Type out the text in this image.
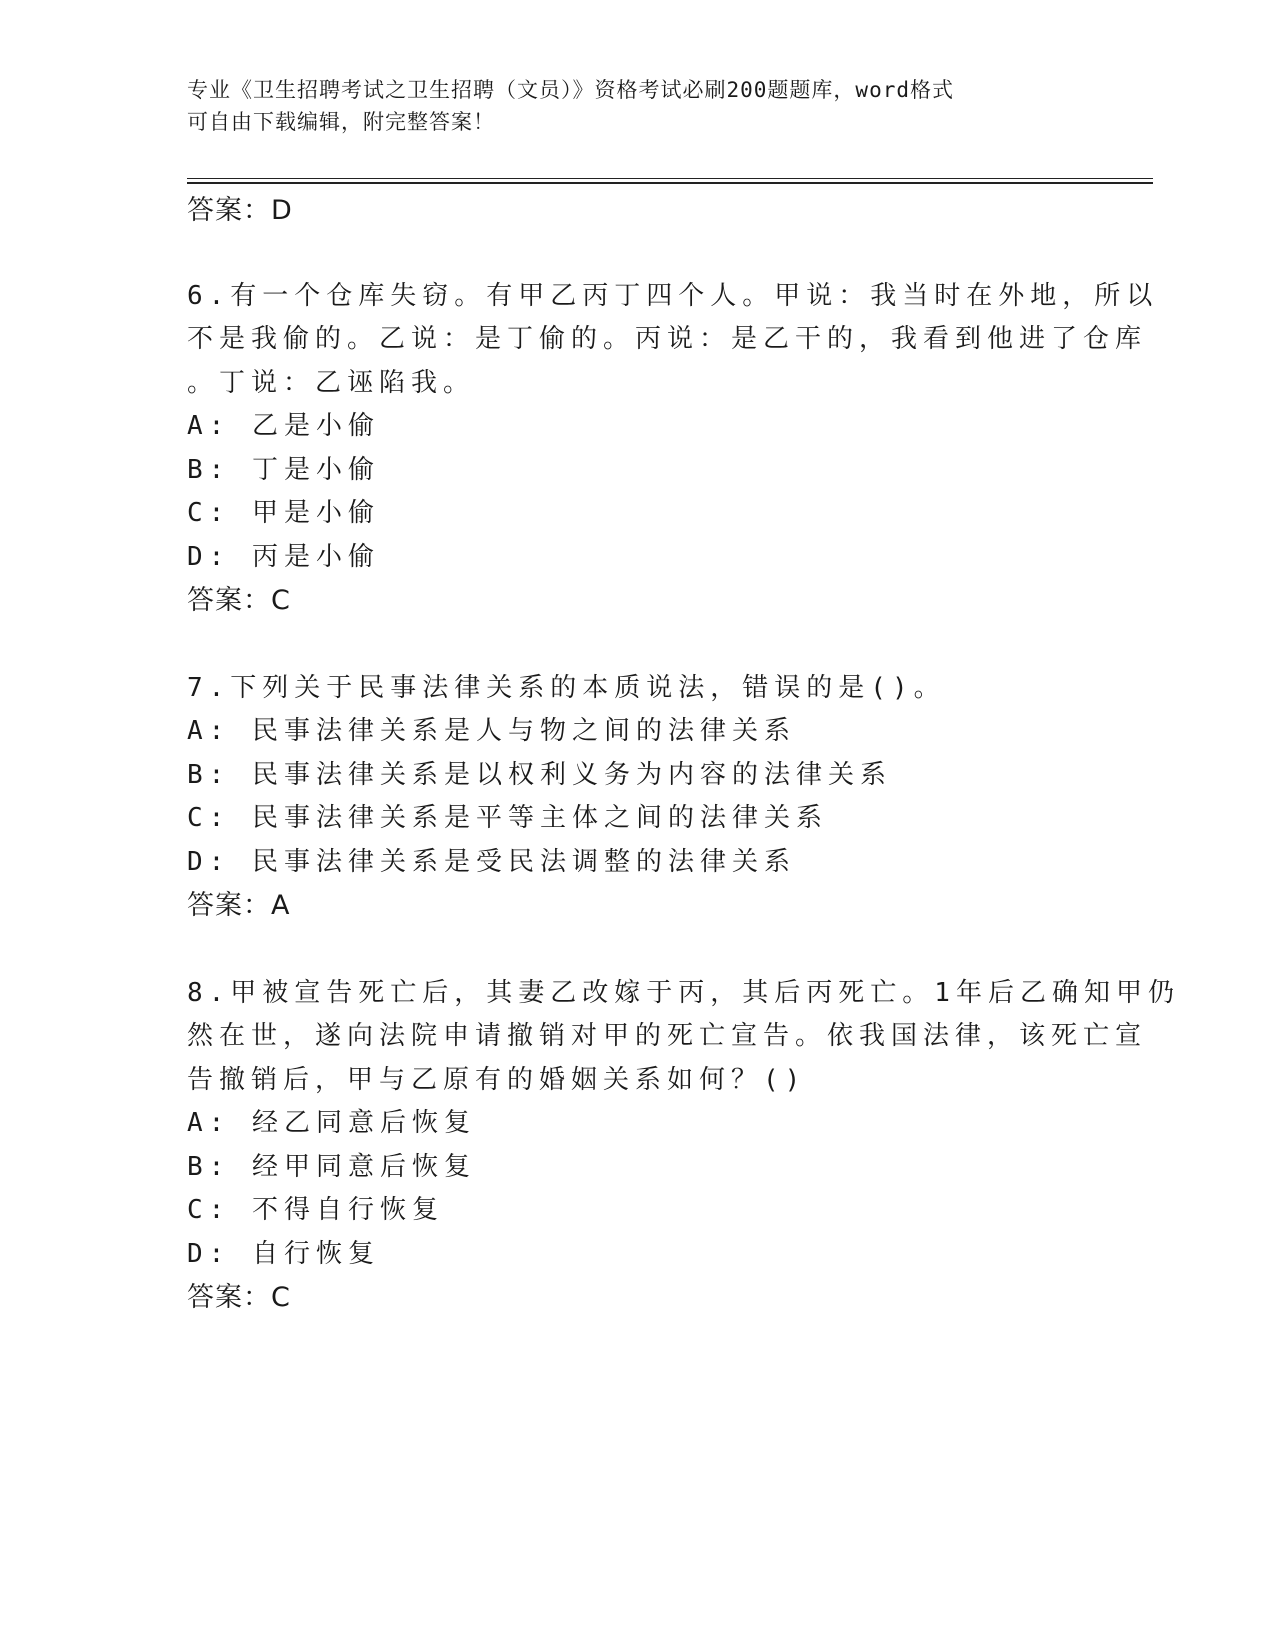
专业《卫生招聘考试之卫生招聘（文员）》资格考试必刷200题题库，word格式
可自由下载编辑，附完整答案！
答案：D
6.有一个仓库失窃。有甲乙丙丁四个人。甲说：我当时在外地，所以
不是我偷的。乙说：是丁偷的。丙说：是乙干的，我看到他进了仓库
。丁说：乙诬陷我。
A: 乙是小偷
B: 丁是小偷
C: 甲是小偷
D: 丙是小偷
答案：C
7.下列关于民事法律关系的本质说法，错误的是()。
A: 民事法律关系是人与物之间的法律关系
B: 民事法律关系是以权利义务为内容的法律关系
C: 民事法律关系是平等主体之间的法律关系
D: 民事法律关系是受民法调整的法律关系
答案：A
8.甲被宣告死亡后，其妻乙改嫁于丙，其后丙死亡。1年后乙确知甲仍
然在世，遂向法院申请撤销对甲的死亡宣告。依我国法律，该死亡宣
告撤销后，甲与乙原有的婚姻关系如何？()
A: 经乙同意后恢复
B: 经甲同意后恢复
C: 不得自行恢复
D: 自行恢复
答案：C
